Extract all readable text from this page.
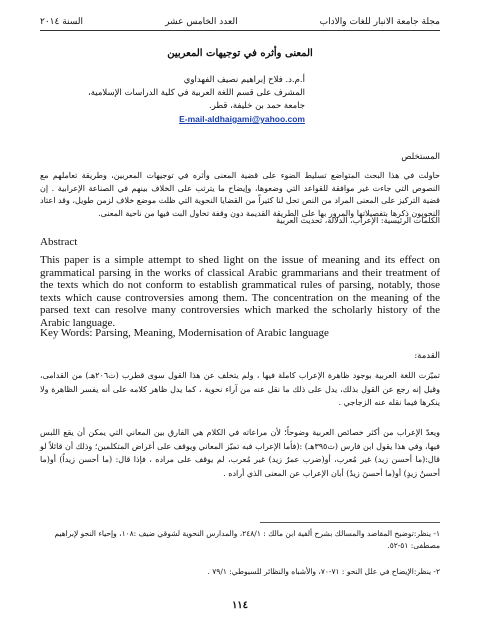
مجلة جامعة الانبار للغات والاداب
العدد الخامس عشر
السنة ٢٠١٤
المعنى وأثره في توجيهات المعربين
أ.م.د. فلاح إبراهيم نصيف الفهداوي
المشرف على قسم اللغة العربية في كلية الدراسات الإسلامية،
جامعة حمد بن خليفة، قطر.
E-mail-aldhaigami@yahoo.com
المستخلص
حاولت في هذا البحث المتواضع تسليط الضوء على قضية المعنى وأثره في توجيهات المعربين، وطريقة تعاملهم مع النصوص التي جاءت غير موافقة للقواعد التي وضعوها، وإيضاح ما يترتب على الخلاف بينهم في الصناعة الإعرابية . إن قضية التركيز على المعنى المراد من النص تحل لنا كثيراً من القضايا النحوية التي ظلت موضع خلاف لزمن طويل، وقد اعتاد النحويون ذكرها بتفصيلاتها والمرور بها على الطريقة القديمة دون وقفة تحاول البت فيها من ناحية المعنى.
الكلمات الرئيسية: الإعراب، الدلالة، تحديث العربية
Abstract
This paper is a simple attempt to shed light on the issue of meaning and its effect on grammatical parsing in the works of classical Arabic grammarians and their treatment of the texts which do not conform to establish grammatical rules of parsing, notably, those texts which cause controversies among them. The concentration on the meaning of the parsed text can resolve many controversies which marked the scholarly history of the Arabic language.
Key Words: Parsing, Meaning, Modernisation of Arabic language
القدمة:
تميّزت اللغة العربية بوجود ظاهرة الإعراب كاملة فيها ، ولم يتخلف عن هذا القول سوى قطرب (ت٢٠٦هـ) من القدامى، وقيل إنه رجع عن القول بذلك، يدل على ذلك ما نقل عنه من آراء نحوية ، كما يدل ظاهر كلامه على أنه يفسر الظاهرة ولا ينكرها فيما نقله عنه الزجاجي .
ويعدّ الإعراب من أكثر خصائص العربية وضوحاً؛ لأن مراعاته في الكلام هي الفارق بين المعاني التي يمكن أن يقع اللبس فيها، وفي هذا يقول ابن فارس (ت٣٩٥هـ) :(فأما الإعراب فبه تميّز المعاني ويوقف على أغراض المتكلمين؛ وذلك أن قائلاً لو قال:(ما أحسن زيد) غير مُعرب، أو(ضرب عمرٌ زيد) غير مُعرب، لم يوقف على مراده ، فإذا قال: (ما أحسن زيداً) أو(ما أحسنُ زيدٍ) أو(ما أحسنَ زيدٌ) أبان الإعراب عن المعنى الذي أراده .
١- ينظر:توضيح المقاصد والمسالك بشرح ألفية ابن مالك : ٢٤٨/١، والمدارس النحوية لشوقي ضيف :١٠٨، وإحياء النحو لإبراهيم مصطفى: ٥١-٥٢.
٢- ينظر:الإيضاح في علل النحو : ٧١-٧٠، والأشباه والنظائر للسيوطي: ٧٩/١ .
١١٤
